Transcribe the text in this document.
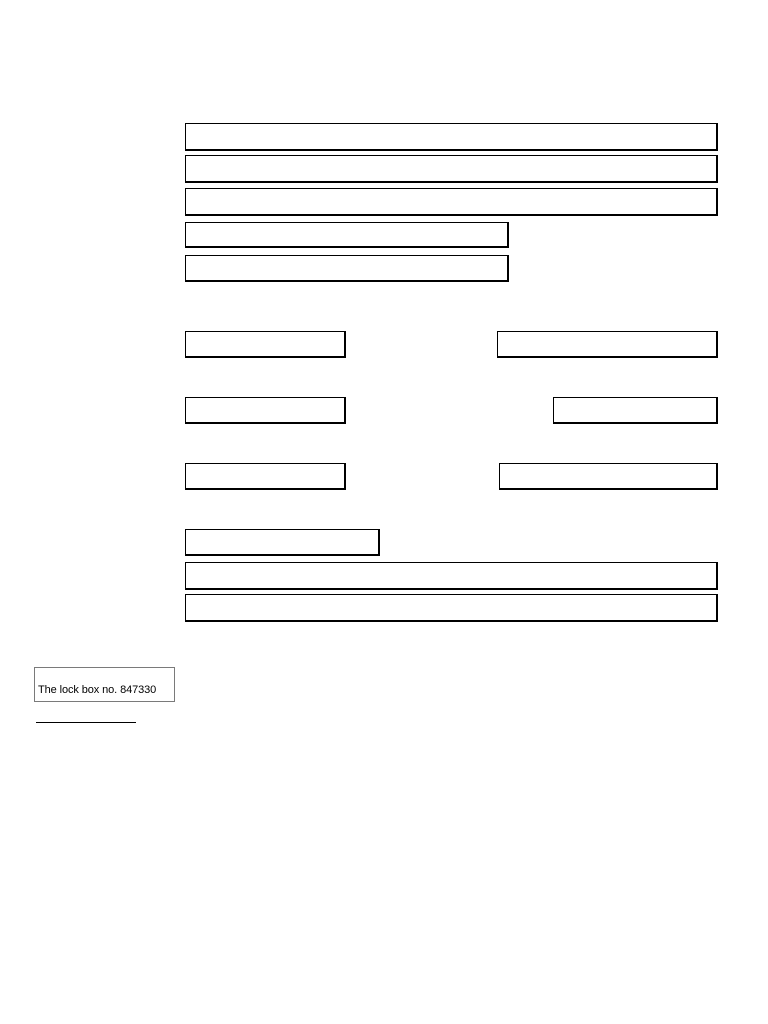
The lock box no. 847330
